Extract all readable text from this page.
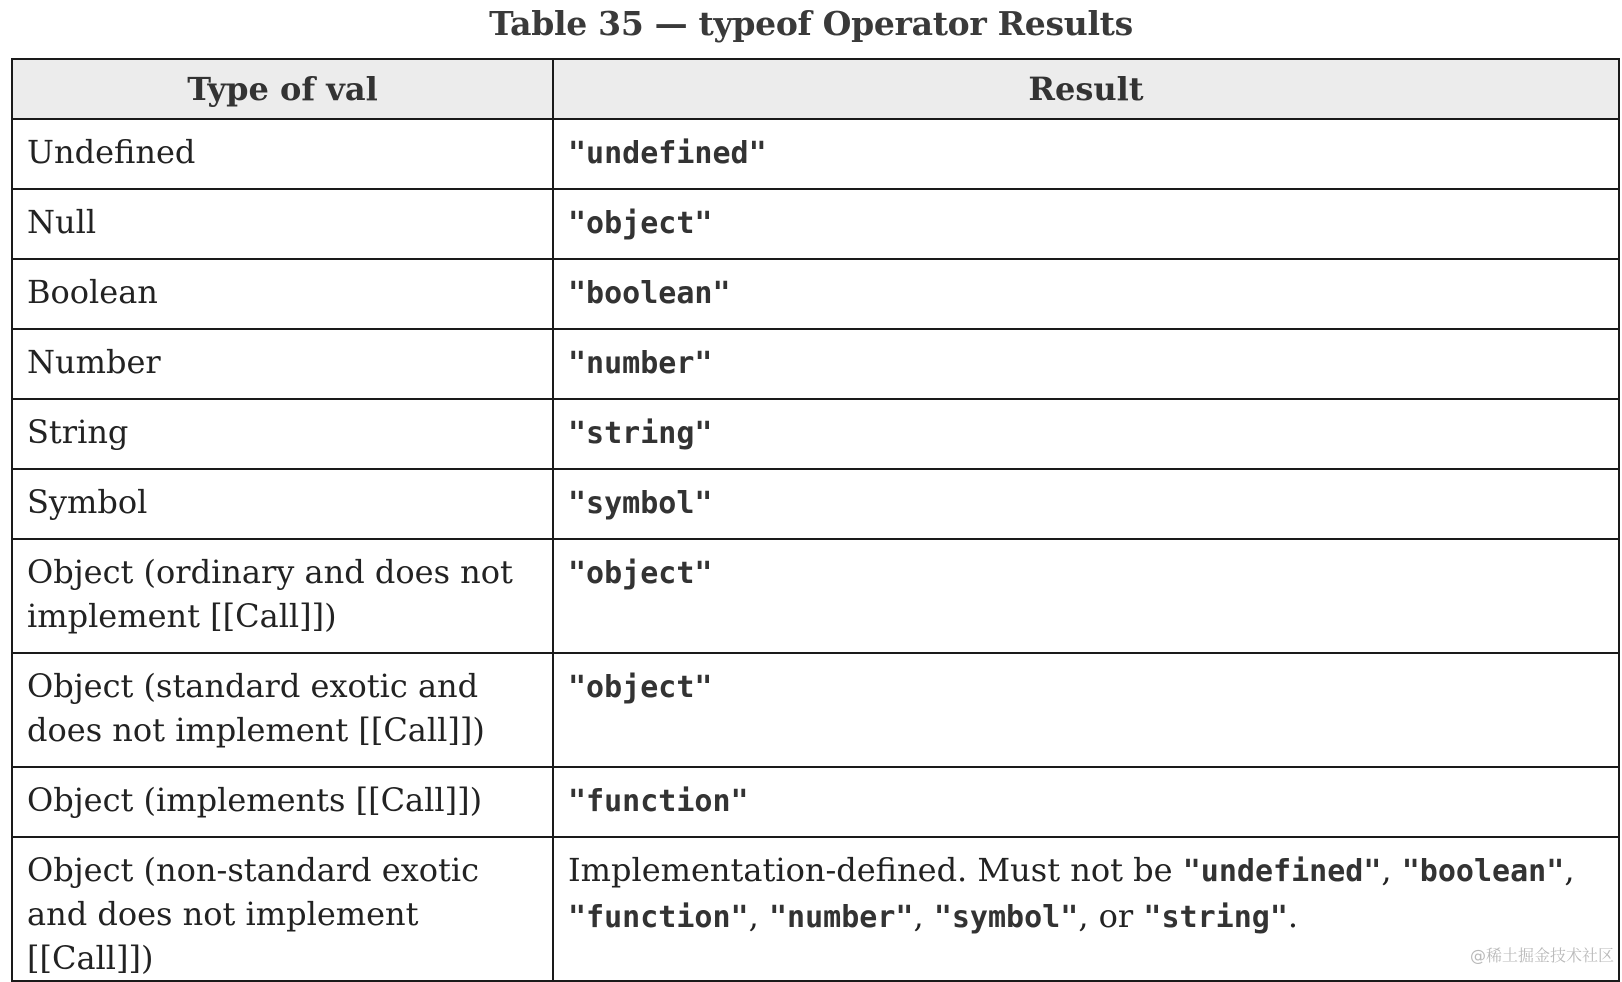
Table 35 — typeof Operator Results
Type of val	Result
Undefined	"undefined"
Null	"object"
Boolean	"boolean"
Number	"number"
String	"string"
Symbol	"symbol"
Object (ordinary and does not implement [[Call]])	"object"
Object (standard exotic and does not implement [[Call]])	"object"
Object (implements [[Call]])	"function"
Object (non-standard exotic and does not implement [[Call]])	Implementation-defined. Must not be "undefined", "boolean", "function", "number", "symbol", or "string".
@稀土掘金技术社区
